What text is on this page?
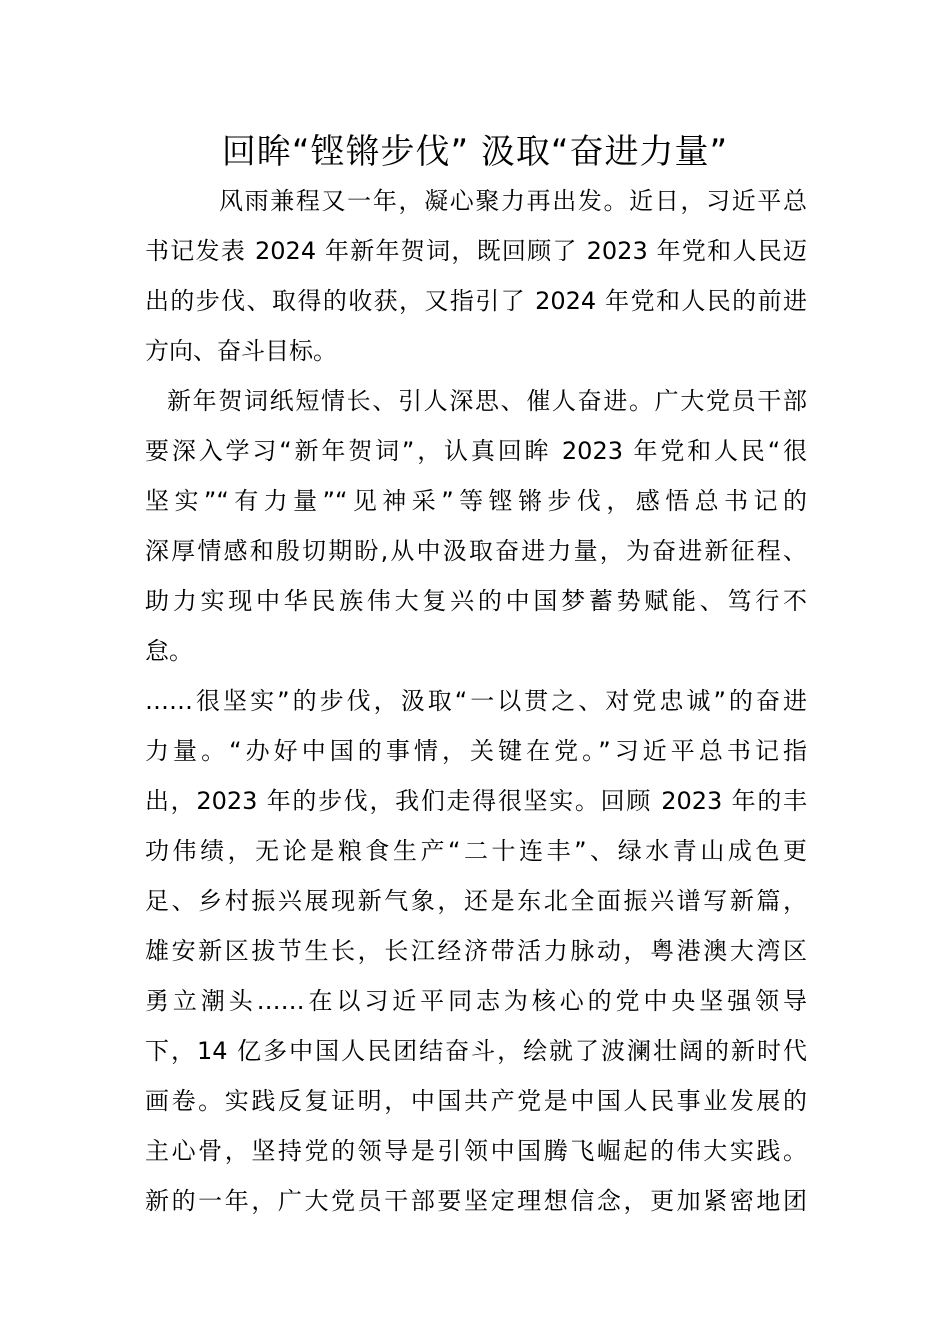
回眸“铿锵步伐” 汲取“奋进力量”
风雨兼程又一年，凝心聚力再出发。近日，习近平总
书记发表 2024 年新年贺词，既回顾了 2023 年党和人民迈
出的步伐、取得的收获，又指引了 2024 年党和人民的前进
方向、奋斗目标。
新年贺词纸短情长、引人深思、催人奋进。广大党员干部
要深入学习“新年贺词”，认真回眸 2023 年党和人民“很
坚实”“有力量”“见神采”等铿锵步伐，感悟总书记的
深厚情感和殷切期盼,从中汲取奋进力量，为奋进新征程、
助力实现中华民族伟大复兴的中国梦蓄势赋能、笃行不
怠。
……很坚实”的步伐，汲取“一以贯之、对党忠诚”的奋进
力量。“办好中国的事情，关键在党。”习近平总书记指
出，2023 年的步伐，我们走得很坚实。回顾 2023 年的丰
功伟绩，无论是粮食生产“二十连丰”、绿水青山成色更
足、乡村振兴展现新气象，还是东北全面振兴谱写新篇，
雄安新区拔节生长，长江经济带活力脉动，粤港澳大湾区
勇立潮头……在以习近平同志为核心的党中央坚强领导
下，14 亿多中国人民团结奋斗，绘就了波澜壮阔的新时代
画卷。实践反复证明，中国共产党是中国人民事业发展的
主心骨，坚持党的领导是引领中国腾飞崛起的伟大实践。
新的一年，广大党员干部要坚定理想信念，更加紧密地团
